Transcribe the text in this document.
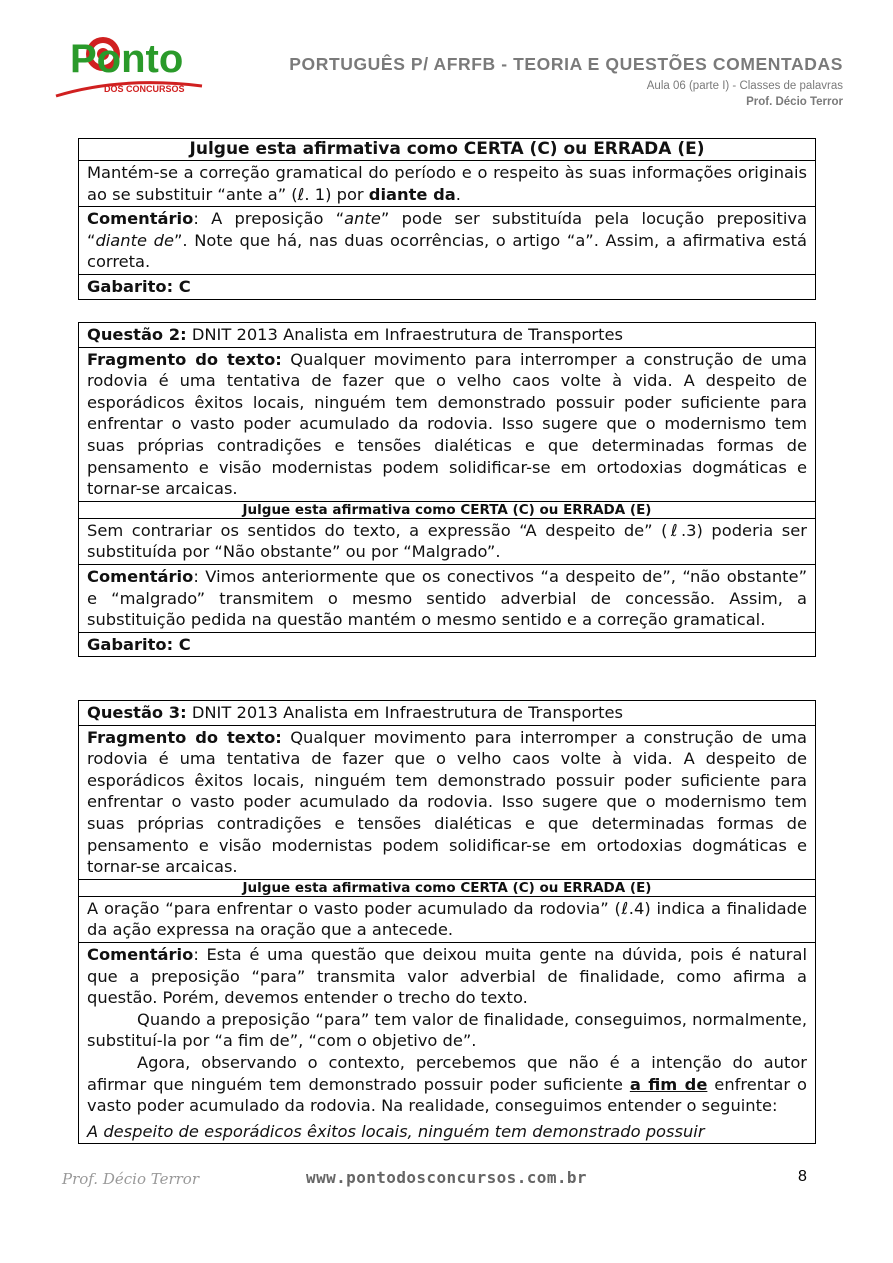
Ponto
DOS CONCURSOS
PORTUGUÊS P/ AFRFB - TEORIA E QUESTÕES COMENTADAS
Aula 06 (parte I) - Classes de palavras
Prof. Décio Terror
Julgue esta afirmativa como CERTA (C) ou ERRADA (E)
Mantém-se a correção gramatical do período e o respeito às suas informações originais ao se substituir “ante a” (ℓ. 1) por diante da.
Comentário: A preposição “ante” pode ser substituída pela locução prepositiva “diante de”. Note que há, nas duas ocorrências, o artigo “a”. Assim, a afirmativa está correta.
Gabarito: C
Questão 2: DNIT 2013 Analista em Infraestrutura de Transportes
Fragmento do texto: Qualquer movimento para interromper a construção de uma rodovia é uma tentativa de fazer que o velho caos volte à vida. A despeito de esporádicos êxitos locais, ninguém tem demonstrado possuir poder suficiente para enfrentar o vasto poder acumulado da rodovia. Isso sugere que o modernismo tem suas próprias contradições e tensões dialéticas e que determinadas formas de pensamento e visão modernistas podem solidificar-se em ortodoxias dogmáticas e tornar-se arcaicas.
Julgue esta afirmativa como CERTA (C) ou ERRADA (E)
Sem contrariar os sentidos do texto, a expressão “A despeito de” (ℓ.3) poderia ser substituída por “Não obstante” ou por “Malgrado”.
Comentário: Vimos anteriormente que os conectivos “a despeito de”, “não obstante” e “malgrado” transmitem o mesmo sentido adverbial de concessão. Assim, a substituição pedida na questão mantém o mesmo sentido e a correção gramatical.
Gabarito: C
Questão 3: DNIT 2013 Analista em Infraestrutura de Transportes
Fragmento do texto: Qualquer movimento para interromper a construção de uma rodovia é uma tentativa de fazer que o velho caos volte à vida. A despeito de esporádicos êxitos locais, ninguém tem demonstrado possuir poder suficiente para enfrentar o vasto poder acumulado da rodovia. Isso sugere que o modernismo tem suas próprias contradições e tensões dialéticas e que determinadas formas de pensamento e visão modernistas podem solidificar-se em ortodoxias dogmáticas e tornar-se arcaicas.
Julgue esta afirmativa como CERTA (C) ou ERRADA (E)
A oração “para enfrentar o vasto poder acumulado da rodovia” (ℓ.4) indica a finalidade da ação expressa na oração que a antecede.
Comentário: Esta é uma questão que deixou muita gente na dúvida, pois é natural que a preposição “para” transmita valor adverbial de finalidade, como afirma a questão. Porém, devemos entender o trecho do texto.
Quando a preposição “para” tem valor de finalidade, conseguimos, normalmente, substituí-la por “a fim de”, “com o objetivo de”.
Agora, observando o contexto, percebemos que não é a intenção do autor afirmar que ninguém tem demonstrado possuir poder suficiente a fim de enfrentar o vasto poder acumulado da rodovia. Na realidade, conseguimos entender o seguinte:
A despeito de esporádicos êxitos locais, ninguém tem demonstrado possuir
Prof. Décio Terror	www.pontodosconcursos.com.br	8
